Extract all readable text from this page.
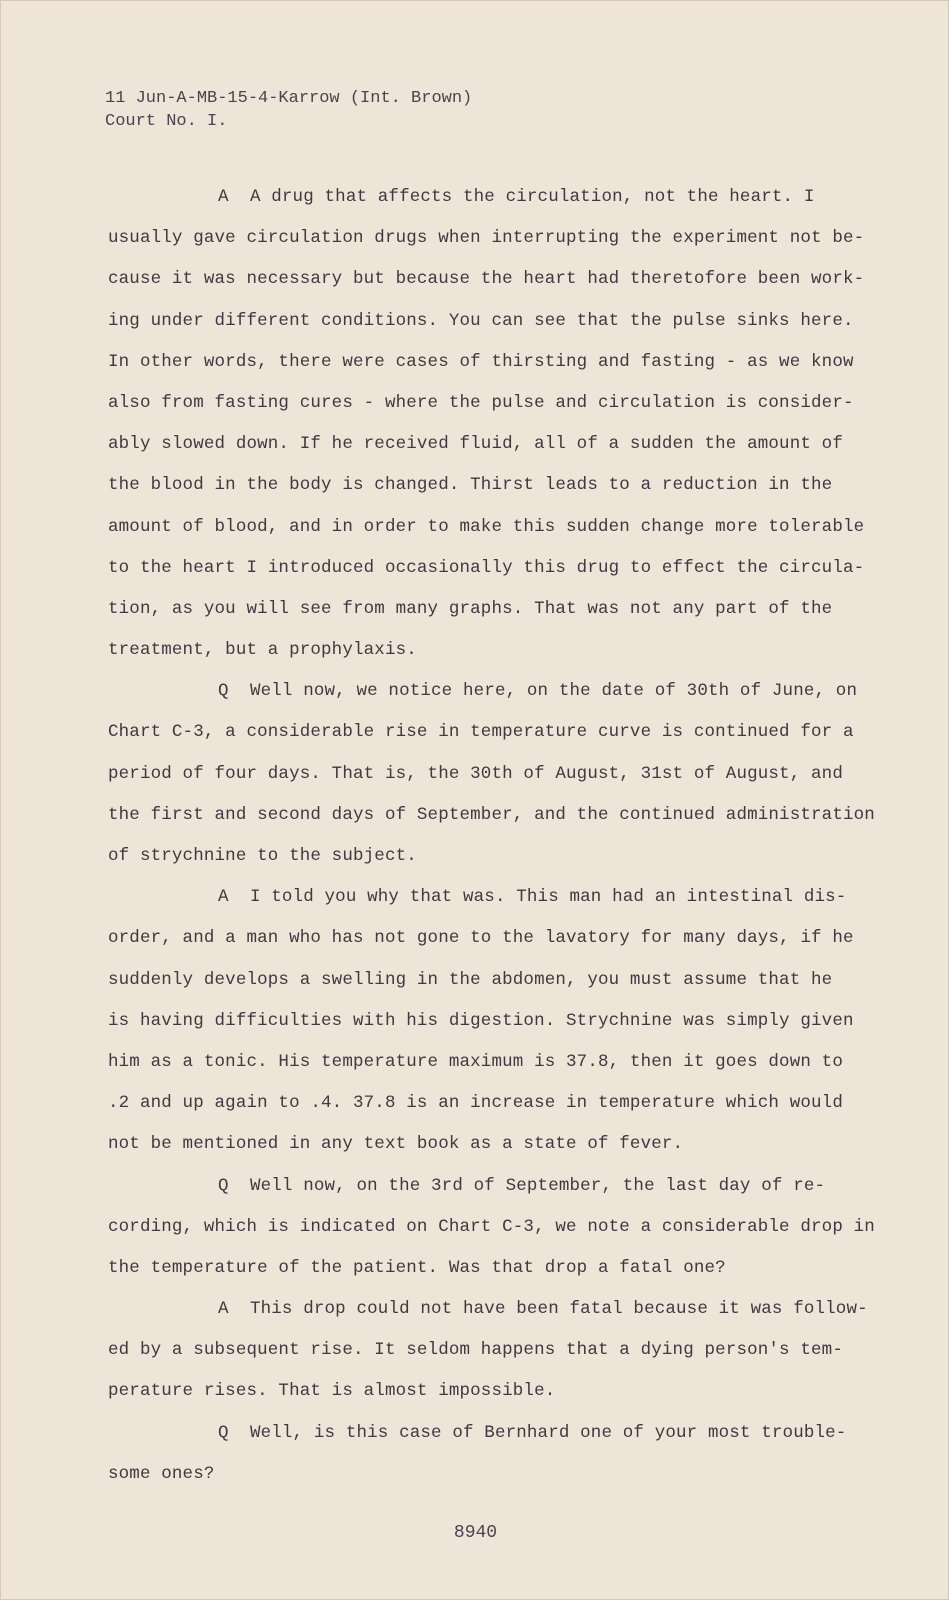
11 Jun-A-MB-15-4-Karrow (Int. Brown)
Court No. I.
A  A drug that affects the circulation, not the heart. I
usually gave circulation drugs when interrupting the experiment not be-
cause it was necessary but because the heart had theretofore been work-
ing under different conditions. You can see that the pulse sinks here.
In other words, there were cases of thirsting and fasting - as we know
also from fasting cures - where the pulse and circulation is consider-
ably slowed down. If he received fluid, all of a sudden the amount of
the blood in the body is changed. Thirst leads to a reduction in the
amount of blood, and in order to make this sudden change more tolerable
to the heart I introduced occasionally this drug to effect the circula-
tion, as you will see from many graphs. That was not any part of the
treatment, but a prophylaxis.
Q  Well now, we notice here, on the date of 30th of June, on
Chart C-3, a considerable rise in temperature curve is continued for a
period of four days. That is, the 30th of August, 31st of August, and
the first and second days of September, and the continued administration
of strychnine to the subject.
A  I told you why that was. This man had an intestinal dis-
order, and a man who has not gone to the lavatory for many days, if he
suddenly develops a swelling in the abdomen, you must assume that he
is having difficulties with his digestion. Strychnine was simply given
him as a tonic. His temperature maximum is 37.8, then it goes down to
.2 and up again to .4. 37.8 is an increase in temperature which would
not be mentioned in any text book as a state of fever.
Q  Well now, on the 3rd of September, the last day of re-
cording, which is indicated on Chart C-3, we note a considerable drop in
the temperature of the patient. Was that drop a fatal one?
A  This drop could not have been fatal because it was follow-
ed by a subsequent rise. It seldom happens that a dying person's tem-
perature rises. That is almost impossible.
Q  Well, is this case of Bernhard one of your most trouble-
some ones?
8940
